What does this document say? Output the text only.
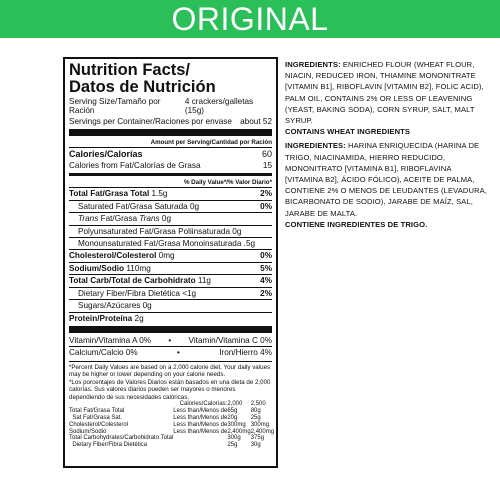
ORIGINAL
Nutrition Facts/
Datos de Nutrición
Serving Size/Tamaño por Ración
4 crackers/galletas (15g)
Servings per Container/Raciones por envase about 52
Amount per Serving/Cantidad por Ración
Calories/Calorías	60
Calories from Fat/Calorías de Grasa	15
% Daily Value*/% Valor Diario*
Total Fat/Grasa Total 1.5g	2%
Saturated Fat/Grasa Saturada 0g	0%
Trans Fat/Grasa Trans 0g
Polyunsaturated Fat/Grasa Poliinsaturada 0g
Monounsaturated Fat/Grasa Monoinsaturada .5g
Cholesterol/Colesterol 0mg	0%
Sodium/Sodio 110mg	5%
Total Carb/Total de Carbohidrato 11g	4%
Dietary Fiber/Fibra Dietética <1g	2%
Sugars/Azúcares 0g
Protein/Proteína 2g
Vitamin/Vitamina A 0% • Vitamin/Vitamina C 0%
Calcium/Calcio 0%	•	Iron/Hierro 4%
*Percent Daily Values are based on a 2,000 calorie diet. Your daily values may be higher or lower depending on your calorie needs.
*Los porcentajes de Valores Diarios están basados en una dieta de 2,000 calorías. Sus valores diarios pueden ser mayores o menores dependiendo de sus necesidades calóricas.
	Calories/Calorías:	2,000	2,500
Total Fat/Grasa Total	Less than/Menos de	65g	80g
Sat Fat/Grasa Sat.	Less than/Menos de	20g	25g
Cholesterol/Colesterol	Less than/Menos de	300mg	300mg
Sodium/Sodio	Less than/Menos de	2,400mg	2,400mg
Total Carbohydrates/Carbohidrato Total		300g	375g
Dietary Fiber/Fibra Dietética		25g	30g

INGREDIENTS: ENRICHED FLOUR (WHEAT FLOUR, NIACIN, REDUCED IRON, THIAMINE MONONITRATE [VITAMIN B1], RIBOFLAVIN [VITAMIN B2], FOLIC ACID), PALM OIL, CONTAINS 2% OR LESS OF LEAVENING (YEAST, BAKING SODA), CORN SYRUP, SALT, MALT SYRUP.

CONTAINS WHEAT INGREDIENTS

INGREDIENTES: HARINA ENRIQUECIDA (HARINA DE TRIGO, NIACINAMIDA, HIERRO REDUCIDO, MONONITRATO [VITAMINA B1], RIBOFLAVINA [VITAMINA B2], ÁCIDO FÓLICO), ACEITE DE PALMA, CONTIENE 2% O MENOS DE LEUDANTES (LEVADURA, BICARBONATO DE SODIO), JARABE DE MAÍZ, SAL, JARABE DE MALTA.

CONTIENE INGREDIENTES DE TRIGO.
